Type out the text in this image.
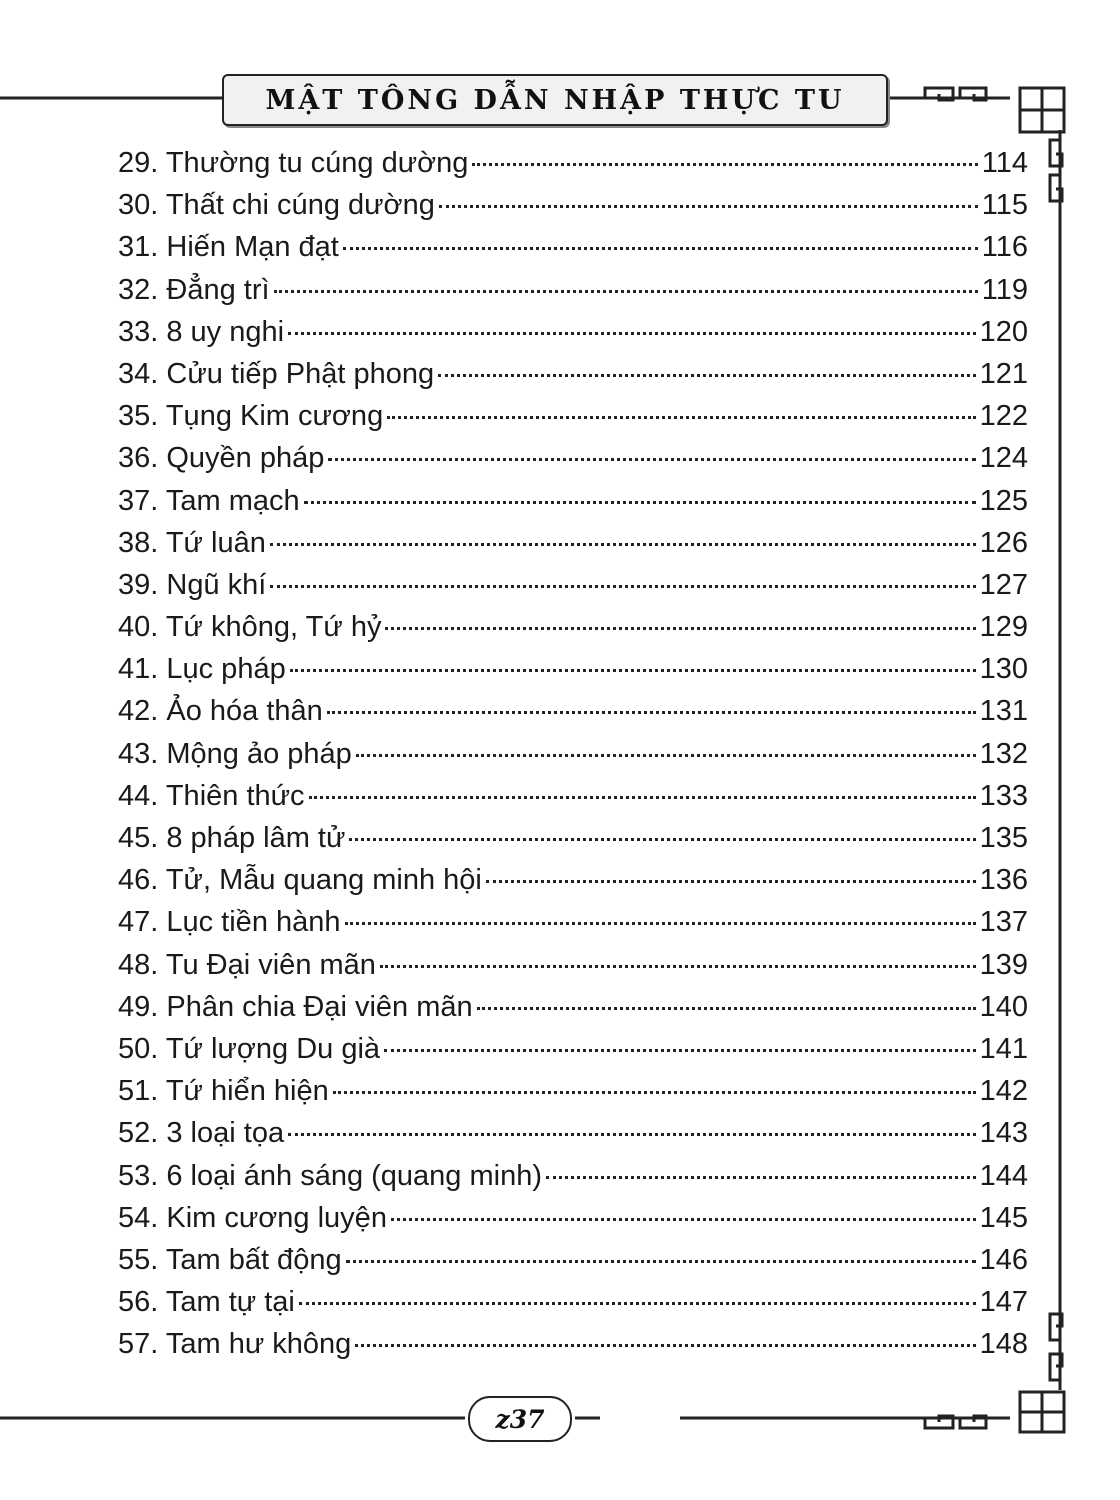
MẬT TÔNG DẪN NHẬP THỰC TU
29. Thường tu cúng dường	114
30. Thất chi cúng dường	115
31. Hiến Mạn đạt	116
32. Đẳng trì	119
33. 8 uy nghi	120
34. Cửu tiếp Phật phong	121
35. Tụng Kim cương	122
36. Quyền pháp	124
37. Tam mạch	125
38. Tứ luân	126
39. Ngũ khí	127
40. Tứ không, Tứ hỷ	129
41. Lục pháp	130
42. Ảo hóa thân	131
43. Mộng ảo pháp	132
44. Thiên thức	133
45. 8 pháp lâm tử	135
46. Tử, Mẫu quang minh hội	136
47. Lục tiền hành	137
48. Tu Đại viên mãn	139
49. Phân chia Đại viên mãn	140
50. Tứ lượng Du già	141
51. Tứ hiển hiện	142
52. 3 loại tọa	143
53. 6 loại ánh sáng (quang minh)	144
54. Kim cương luyện	145
55. Tam bất động	146
56. Tam tự tại	147
57. Tam hư không	148
z37
